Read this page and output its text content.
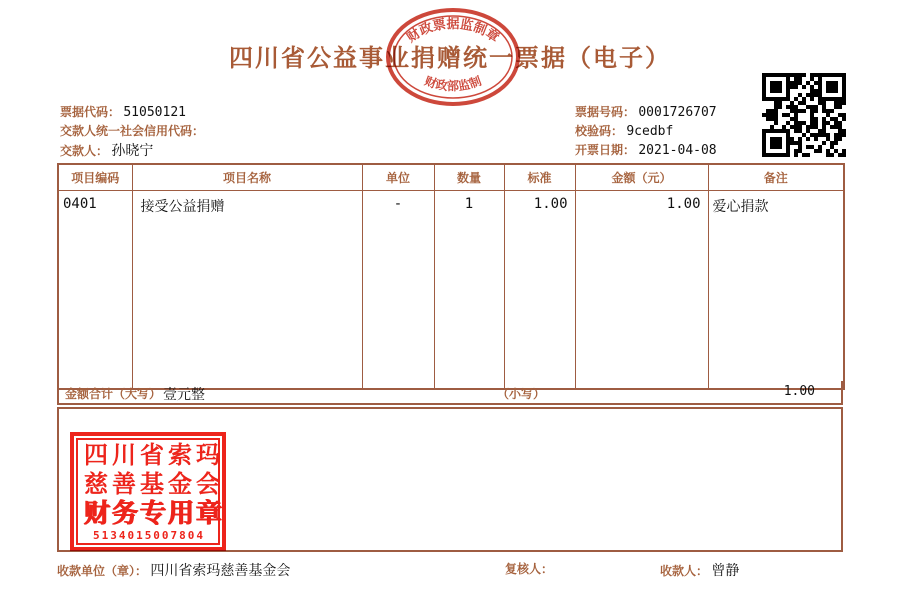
四川省公益事业捐赠统一票据（电子）
财政票据监制章
财政部监制
票据代码： 51050121
交款人统一社会信用代码：
交款人： 孙晓宁
票据号码： 0001726707
校验码： 9cedbf
开票日期： 2021-04-08
项目编码	项目名称	单位	数量	标准	金额（元）	备注
0401	接受公益捐赠	-	1	1.00	1.00	爱心捐款
金额合计（大写） 壹元整	（小写）	1.00
四川省索玛
慈善基金会
财务专用章
5134015007804
收款单位（章）： 四川省索玛慈善基金会	复核人：	收款人： 曾静
